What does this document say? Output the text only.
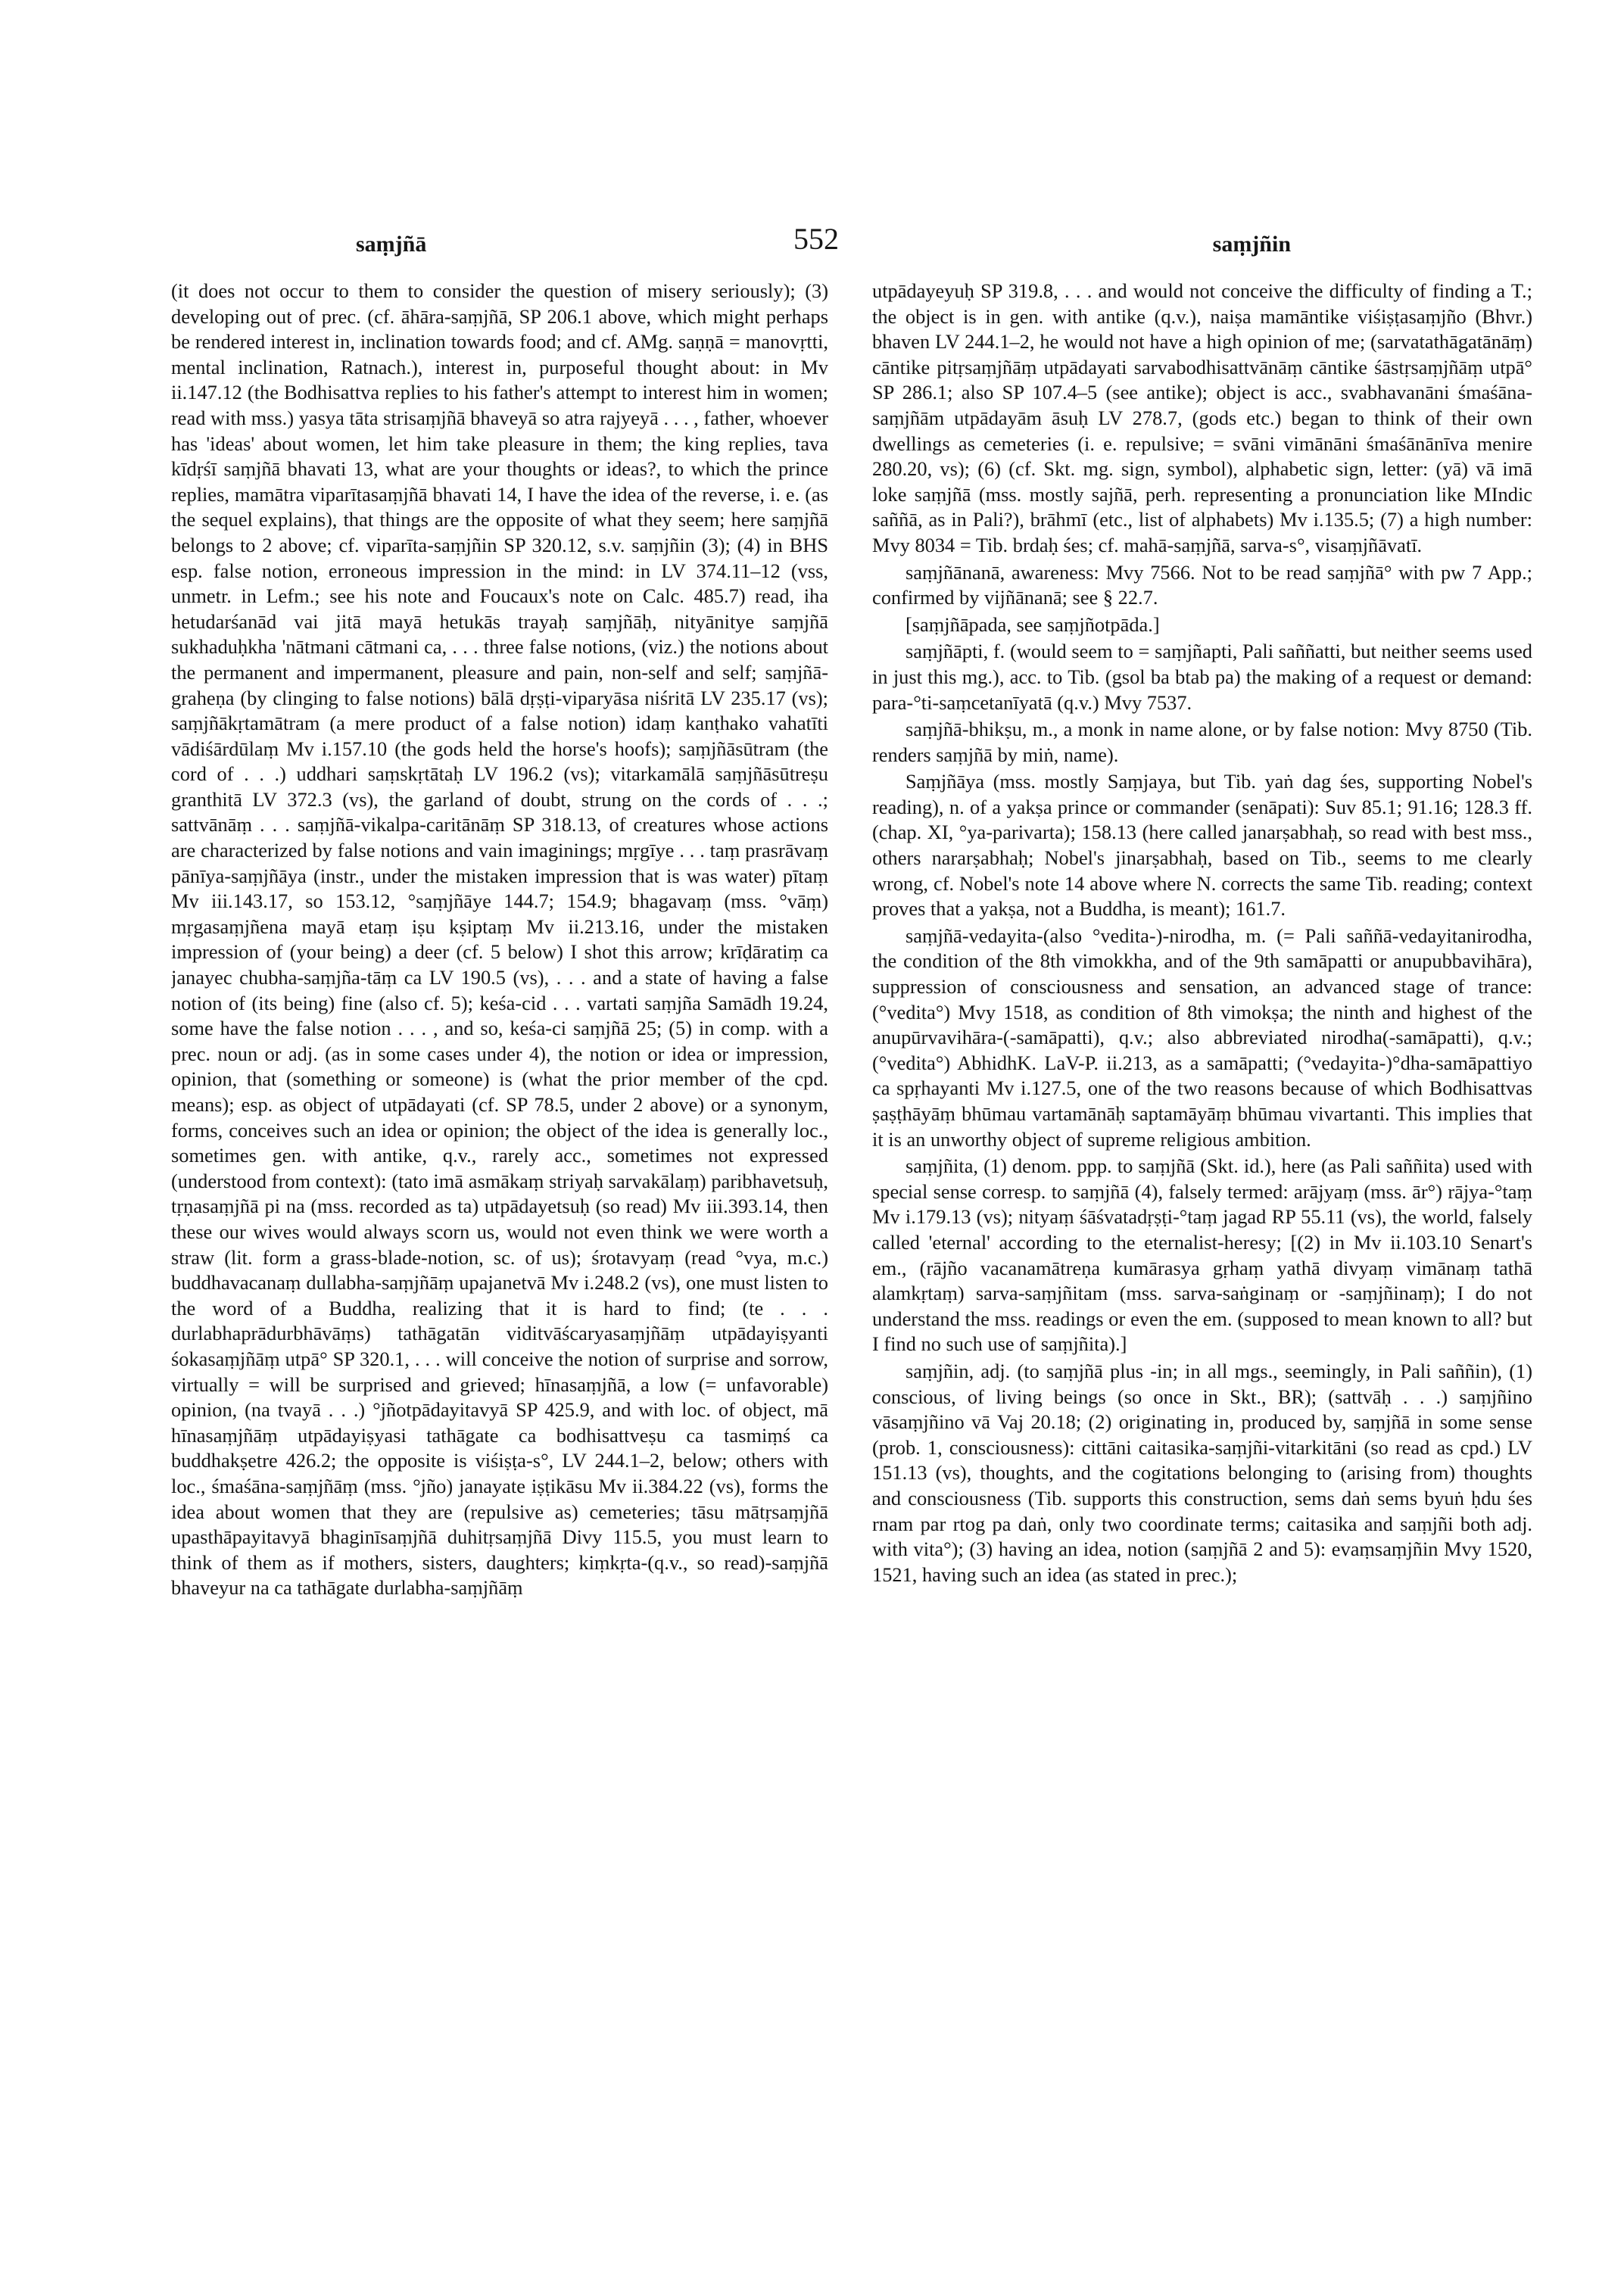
saṃjñā	552	saṃjñin

(it does not occur to them to consider the question of misery seriously); (3) developing out of prec. (cf. āhāra-saṃjñā, SP 206.1 above, which might perhaps be rendered interest in, inclination towards food; and cf. AMg. saṇṇā = manovṛtti, mental inclination, Ratnach.), interest in, purposeful thought about: in Mv ii.147.12 (the Bodhisattva replies to his father's attempt to interest him in women; read with mss.) yasya tāta strisaṃjñā bhaveyā so atra rajyeyā . . . , father, whoever has 'ideas' about women, let him take pleasure in them; the king replies, tava kīdṛśī saṃjñā bhavati 13, what are your thoughts or ideas?, to which the prince replies, mamātra viparītasaṃjñā bhavati 14, I have the idea of the reverse, i. e. (as the sequel explains), that things are the opposite of what they seem; here saṃjñā belongs to 2 above; cf. viparīta-saṃjñin SP 320.12, s.v. saṃjñin (3); (4) in BHS esp. false notion, erroneous impression in the mind: in LV 374.11–12 (vss, unmetr. in Lefm.; see his note and Foucaux's note on Calc. 485.7) read, iha hetudarśanād vai jitā mayā hetukās trayaḥ saṃjñāḥ, nityānitye saṃjñā sukhaduḥkha 'nātmani cātmani ca, . . . three false notions, (viz.) the notions about the permanent and impermanent, pleasure and pain, non-self and self; saṃjñā-graheṇa (by clinging to false notions) bālā dṛṣṭi-viparyāsa niśritā LV 235.17 (vs); saṃjñākṛtamātram (a mere product of a false notion) idaṃ kanṭhako vahatīti vādiśārdūlaṃ Mv i.157.10 (the gods held the horse's hoofs); saṃjñāsūtram (the cord of . . .) uddhari saṃskṛtātaḥ LV 196.2 (vs); vitarkamālā saṃjñāsūtreṣu granthitā LV 372.3 (vs), the garland of doubt, strung on the cords of . . .; sattvānāṃ . . . saṃjñā-vikalpa-caritānāṃ SP 318.13, of creatures whose actions are characterized by false notions and vain imaginings; mṛgīye . . . taṃ prasrāvaṃ pānīya-saṃjñāya (instr., under the mistaken impression that is was water) pītaṃ Mv iii.143.17, so 153.12, °saṃjñāye 144.7; 154.9; bhagavaṃ (mss. °vāṃ) mṛgasaṃjñena mayā etaṃ iṣu kṣiptaṃ Mv ii.213.16, under the mistaken impression of (your being) a deer (cf. 5 below) I shot this arrow; krīḍāratiṃ ca janayec chubha-saṃjña-tāṃ ca LV 190.5 (vs), . . . and a state of having a false notion of (its being) fine (also cf. 5); keśa-cid . . . vartati saṃjña Samādh 19.24, some have the false notion . . . , and so, keśa-ci saṃjñā 25; (5) in comp. with a prec. noun or adj. (as in some cases under 4), the notion or idea or impression, opinion, that (something or someone) is (what the prior member of the cpd. means); esp. as object of utpādayati (cf. SP 78.5, under 2 above) or a synonym, forms, conceives such an idea or opinion; the object of the idea is generally loc., sometimes gen. with antike, q.v., rarely acc., sometimes not expressed (understood from context): (tato imā asmākaṃ striyaḥ sarvakālaṃ) paribhavetsuḥ, tṛṇasaṃjñā pi na (mss. recorded as ta) utpādayetsuḥ (so read) Mv iii.393.14, then these our wives would always scorn us, would not even think we were worth a straw (lit. form a grass-blade-notion, sc. of us); śrotavyaṃ (read °vya, m.c.) buddhavacanaṃ dullabha-saṃjñāṃ upajanetvā Mv i.248.2 (vs), one must listen to the word of a Buddha, realizing that it is hard to find; (te . . . durlabhaprādurbhāvāṃs) tathāgatān viditvāścaryasaṃjñāṃ utpādayiṣyanti śokasaṃjñāṃ utpā° SP 320.1, . . . will conceive the notion of surprise and sorrow, virtually = will be surprised and grieved; hīnasaṃjñā, a low (= unfavorable) opinion, (na tvayā . . .) °jñotpādayitavyā SP 425.9, and with loc. of object, mā hīnasaṃjñāṃ utpādayiṣyasi tathāgate ca bodhisattveṣu ca tasmiṃś ca buddhakṣetre 426.2; the opposite is viśiṣṭa-s°, LV 244.1–2, below; others with loc., śmaśāna-saṃjñāṃ (mss. °jño) janayate iṣṭikāsu Mv ii.384.22 (vs), forms the idea about women that they are (repulsive as) cemeteries; tāsu mātṛsaṃjñā upasthāpayitavyā bhaginīsaṃjñā duhitṛsaṃjñā Divy 115.5, you must learn to think of them as if mothers, sisters, daughters; kiṃkṛta-(q.v., so read)-saṃjñā bhaveyur na ca tathāgate durlabha-saṃjñāṃ

utpādayeyuḥ SP 319.8, . . . and would not conceive the difficulty of finding a T.; the object is in gen. with antike (q.v.), naiṣa mamāntike viśiṣṭasaṃjño (Bhvr.) bhaven LV 244.1–2, he would not have a high opinion of me; (sarvatathāgatānāṃ) cāntike pitṛsaṃjñāṃ utpādayati sarvabodhisattvānāṃ cāntike śāstṛsaṃjñāṃ utpā° SP 286.1; also SP 107.4–5 (see antike); object is acc., svabhavanāni śmaśāna-saṃjñām utpādayām āsuḥ LV 278.7, (gods etc.) began to think of their own dwellings as cemeteries (i. e. repulsive; = svāni vimānāni śmaśānānīva menire 280.20, vs); (6) (cf. Skt. mg. sign, symbol), alphabetic sign, letter: (yā) vā imā loke saṃjñā (mss. mostly sajñā, perh. representing a pronunciation like MIndic saññā, as in Pali?), brāhmī (etc., list of alphabets) Mv i.135.5; (7) a high number: Mvy 8034 = Tib. brdaḥ śes; cf. mahā-saṃjñā, sarva-s°, visaṃjñāvatī.

saṃjñānanā, awareness: Mvy 7566. Not to be read saṃjñā° with pw 7 App.; confirmed by vijñānanā; see § 22.7.

[saṃjñāpada, see saṃjñotpāda.]

saṃjñāpti, f. (would seem to = saṃjñapti, Pali saññatti, but neither seems used in just this mg.), acc. to Tib. (gsol ba btab pa) the making of a request or demand: para-°ti-saṃcetanīyatā (q.v.) Mvy 7537.

saṃjñā-bhikṣu, m., a monk in name alone, or by false notion: Mvy 8750 (Tib. renders saṃjñā by miṅ, name).

Saṃjñāya (mss. mostly Saṃjaya, but Tib. yaṅ dag śes, supporting Nobel's reading), n. of a yakṣa prince or commander (senāpati): Suv 85.1; 91.16; 128.3 ff. (chap. XI, °ya-parivarta); 158.13 (here called janarṣabhaḥ, so read with best mss., others nararṣabhaḥ; Nobel's jinarṣabhaḥ, based on Tib., seems to me clearly wrong, cf. Nobel's note 14 above where N. corrects the same Tib. reading; context proves that a yakṣa, not a Buddha, is meant); 161.7.

saṃjñā-vedayita-(also °vedita-)-nirodha, m. (= Pali saññā-vedayitanirodha, the condition of the 8th vimokkha, and of the 9th samāpatti or anupubbavihāra), suppression of consciousness and sensation, an advanced stage of trance: (°vedita°) Mvy 1518, as condition of 8th vimokṣa; the ninth and highest of the anupūrvavihāra-(-samāpatti), q.v.; also abbreviated nirodha(-samāpatti), q.v.; (°vedita°) AbhidhK. LaV-P. ii.213, as a samāpatti; (°vedayita-)°dha-samāpattiyo ca spṛhayanti Mv i.127.5, one of the two reasons because of which Bodhisattvas ṣaṣṭhāyāṃ bhūmau vartamānāḥ saptamāyāṃ bhūmau vivartanti. This implies that it is an unworthy object of supreme religious ambition.

saṃjñita, (1) denom. ppp. to saṃjñā (Skt. id.), here (as Pali saññita) used with special sense corresp. to saṃjñā (4), falsely termed: arājyaṃ (mss. ār°) rājya-°taṃ Mv i.179.13 (vs); nityaṃ śāśvatadṛṣṭi-°taṃ jagad RP 55.11 (vs), the world, falsely called 'eternal' according to the eternalist-heresy; [(2) in Mv ii.103.10 Senart's em., (rājño vacanamātreṇa kumārasya gṛhaṃ yathā divyaṃ vimānaṃ tathā alamkṛtaṃ) sarva-saṃjñitam (mss. sarva-saṅginaṃ or -saṃjñinaṃ); I do not understand the mss. readings or even the em. (supposed to mean known to all? but I find no such use of saṃjñita).]

saṃjñin, adj. (to saṃjñā plus -in; in all mgs., seemingly, in Pali saññin), (1) conscious, of living beings (so once in Skt., BR); (sattvāḥ . . .) saṃjñino vāsaṃjñino vā Vaj 20.18; (2) originating in, produced by, saṃjñā in some sense (prob. 1, consciousness): cittāni caitasika-saṃjñi-vitarkitāni (so read as cpd.) LV 151.13 (vs), thoughts, and the cogitations belonging to (arising from) thoughts and consciousness (Tib. supports this construction, sems daṅ sems byuṅ ḥdu śes rnam par rtog pa daṅ, only two coordinate terms; caitasika and saṃjñi both adj. with vita°); (3) having an idea, notion (saṃjñā 2 and 5): evaṃsaṃjñin Mvy 1520, 1521, having such an idea (as stated in prec.);
